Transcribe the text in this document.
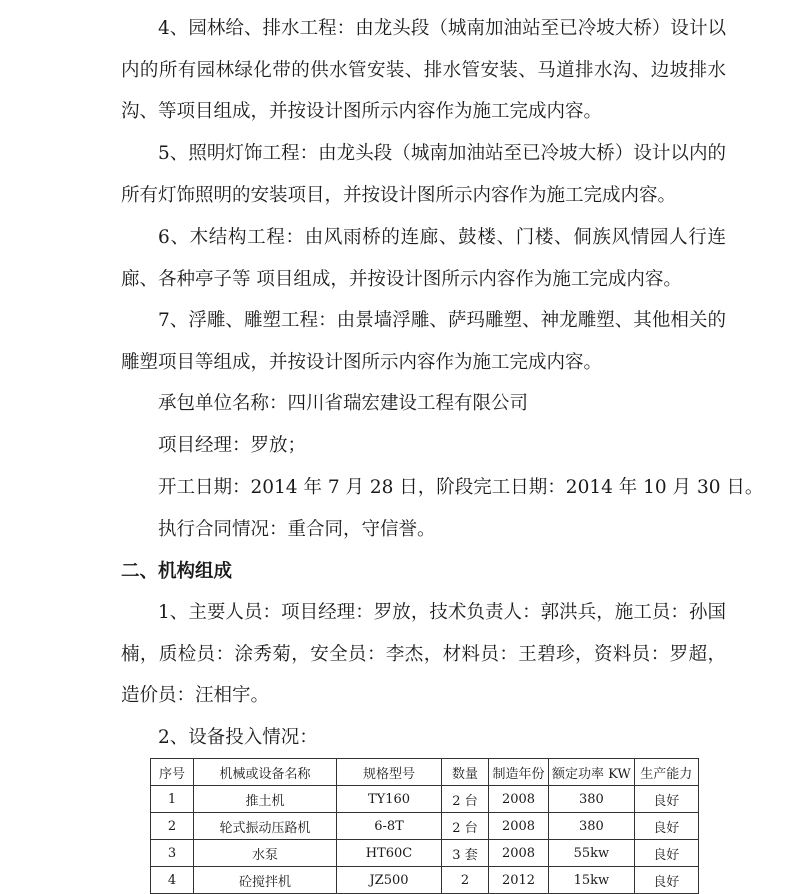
4、园林给、排水工程：由龙头段（城南加油站至已冷坡大桥）设计以内的所有园林绿化带的供水管安装、排水管安装、马道排水沟、边坡排水沟、等项目组成，并按设计图所示内容作为施工完成内容。

5、照明灯饰工程：由龙头段（城南加油站至已冷坡大桥）设计以内的所有灯饰照明的安装项目，并按设计图所示内容作为施工完成内容。

6、木结构工程：由风雨桥的连廊、鼓楼、门楼、侗族风情园人行连廊、各种亭子等 项目组成，并按设计图所示内容作为施工完成内容。

7、浮雕、雕塑工程：由景墙浮雕、萨玛雕塑、神龙雕塑、其他相关的雕塑项目等组成，并按设计图所示内容作为施工完成内容。

承包单位名称：四川省瑞宏建设工程有限公司

项目经理：罗放；

开工日期：2014 年 7 月 28 日，阶段完工日期：2014 年 10 月 30 日。

执行合同情况：重合同，守信誉。

二、机构组成

1、主要人员：项目经理：罗放，技术负责人：郭洪兵，施工员：孙国楠，质检员：涂秀菊，安全员：李杰，材料员：王碧珍，资料员：罗超，造价员：汪相宇。

2、设备投入情况：

序号	机械或设备名称	规格型号	数量	制造年份	额定功率 KW	生产能力
1	推土机	TY160	2 台	2008	380	良好
2	轮式振动压路机	6-8T	2 台	2008	380	良好
3	水泵	HT60C	3 套	2008	55kw	良好
4	砼搅拌机	JZ500	2	2012	15kw	良好
